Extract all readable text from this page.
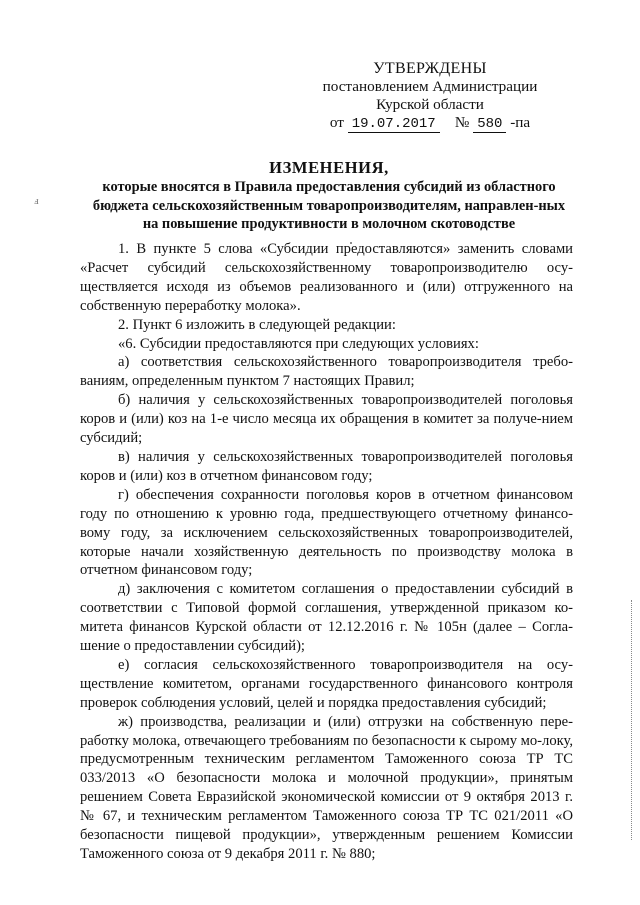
УТВЕРЖДЕНЫ
постановлением Администрации
Курской области
от 19.07.2017 № 580 -па
ИЗМЕНЕНИЯ,
которые вносятся в Правила предоставления субсидий из областного бюджета сельскохозяйственным товаропроизводителям, направлен-ных на повышение продуктивности в молочном скотоводстве
ⅎ

1. В пункте 5 слова «Субсидии предоставляются» заменить словами «Расчет субсидий сельскохозяйственному товаропроизводителю осу-ществляется исходя из объемов реализованного и (или) отгруженного на собственную переработку молока».

2. Пункт 6 изложить в следующей редакции:

«6. Субсидии предоставляются при следующих условиях:

а) соответствия сельскохозяйственного товаропроизводителя требо-ваниям, определенным пунктом 7 настоящих Правил;

б) наличия у сельскохозяйственных товаропроизводителей поголовья коров и (или) коз на 1-е число месяца их обращения в комитет за получе-нием субсидий;

в) наличия у сельскохозяйственных товаропроизводителей поголовья коров и (или) коз в отчетном финансовом году;

г) обеспечения сохранности поголовья коров в отчетном финансовом году по отношению к уровню года, предшествующего отчетному финансо-вому году, за исключением сельскохозяйственных товаропроизводителей, которые начали хозяйственную деятельность по производству молока в отчетном финансовом году;

д) заключения с комитетом соглашения о предоставлении субсидий в соответствии с Типовой формой соглашения, утвержденной приказом ко-митета финансов Курской области от 12.12.2016 г. № 105н (далее – Согла-шение о предоставлении субсидий);

е) согласия сельскохозяйственного товаропроизводителя на осу-ществление комитетом, органами государственного финансового контроля проверок соблюдения условий, целей и порядка предоставления субсидий;

ж) производства, реализации и (или) отгрузки на собственную пере-работку молока, отвечающего требованиям по безопасности к сырому мо-локу, предусмотренным техническим регламентом Таможенного союза ТР ТС 033/2013 «О безопасности молока и молочной продукции», принятым решением Совета Евразийской экономической комиссии от 9 октября 2013 г. № 67, и техническим регламентом Таможенного союза ТР ТС 021/2011 «О безопасности пищевой продукции», утвержденным решением Комиссии Таможенного союза от 9 декабря 2011 г. № 880;
